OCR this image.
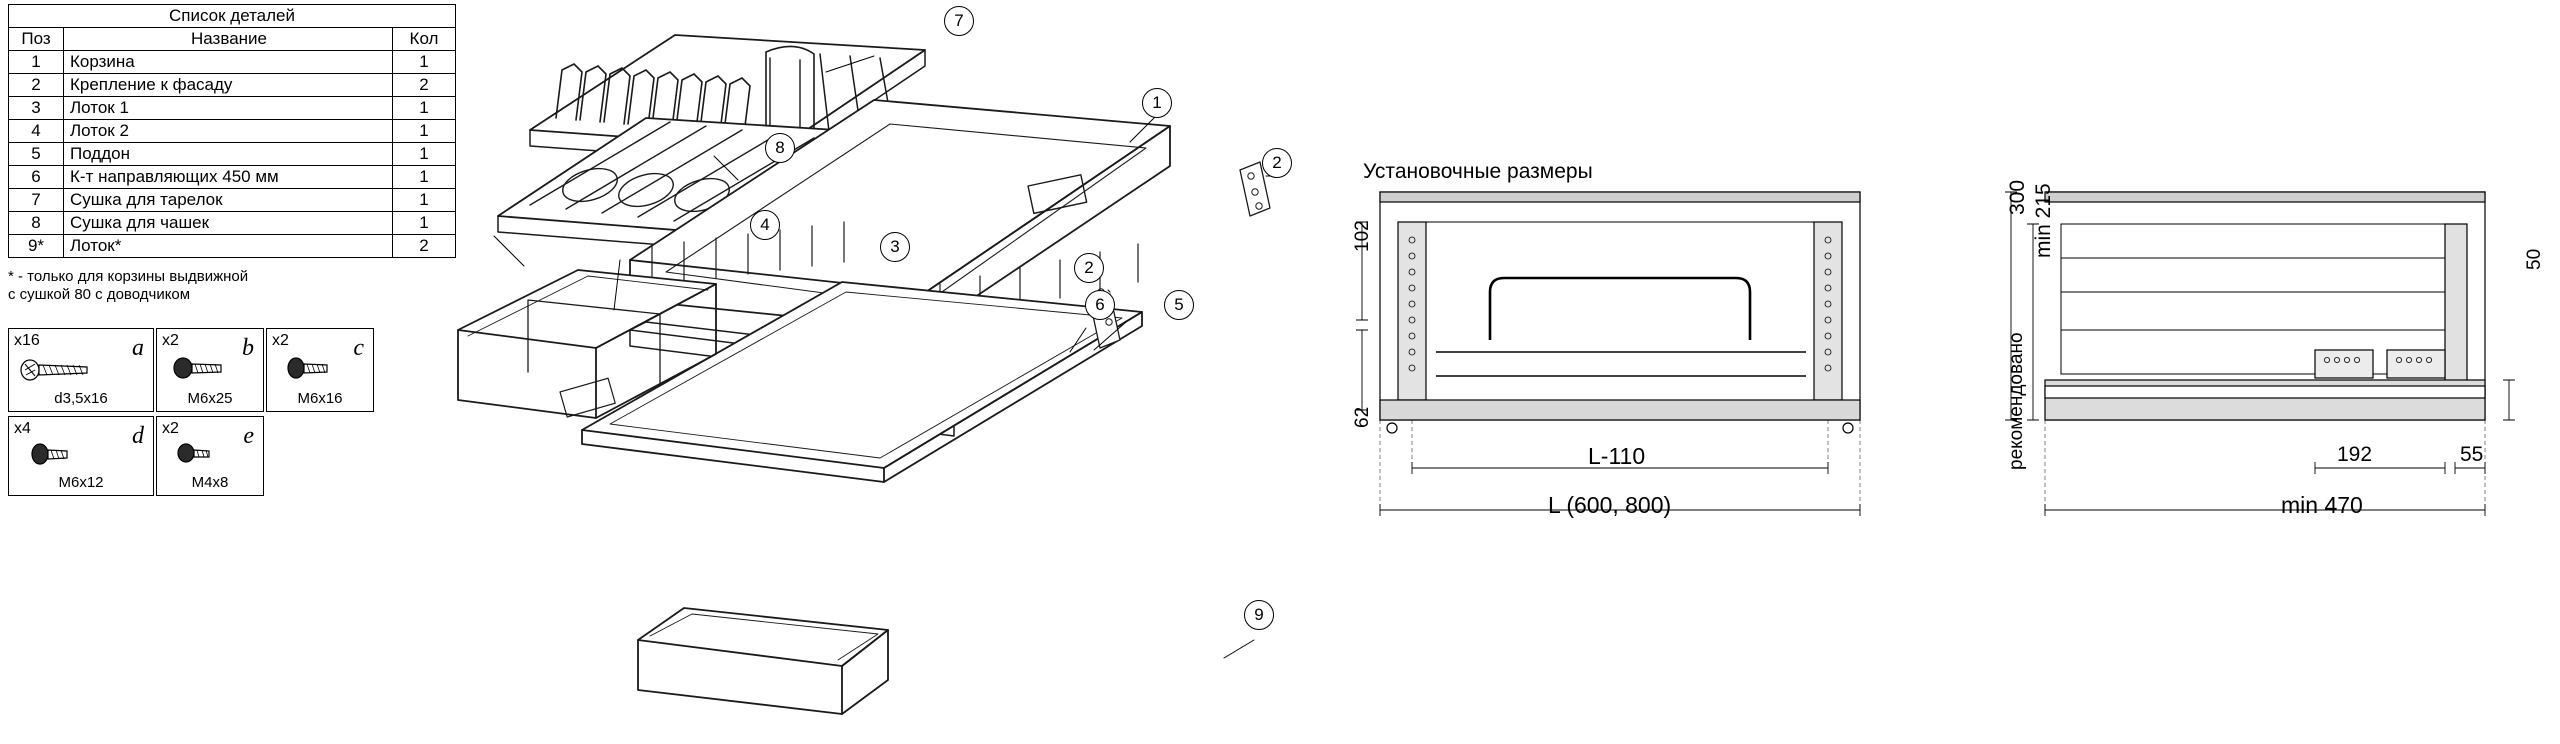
Список деталей		
Поз	Название	Кол
1	Корзина	1
2	Крепление к фасаду	2
3	Лоток 1	1
4	Лоток 2	1
5	Поддон	1
6	К-т направляющих 450 мм	1
7	Сушка для тарелок	1
8	Сушка для чашек	1
9*	Лоток*	2
* - только для корзины выдвижной
с сушкой 80 с доводчиком
x16	a
d3,5x16
x2	b
M6x25
x2	c
M6x16
x4	d
M6x12
x2	e
M4x8
7
1
2
8
4
3
2
6	5
9
Установочные размеры
102
62
L-110
L (600, 800)
300 min 215
рекомендовано
50
192	55
min 470
